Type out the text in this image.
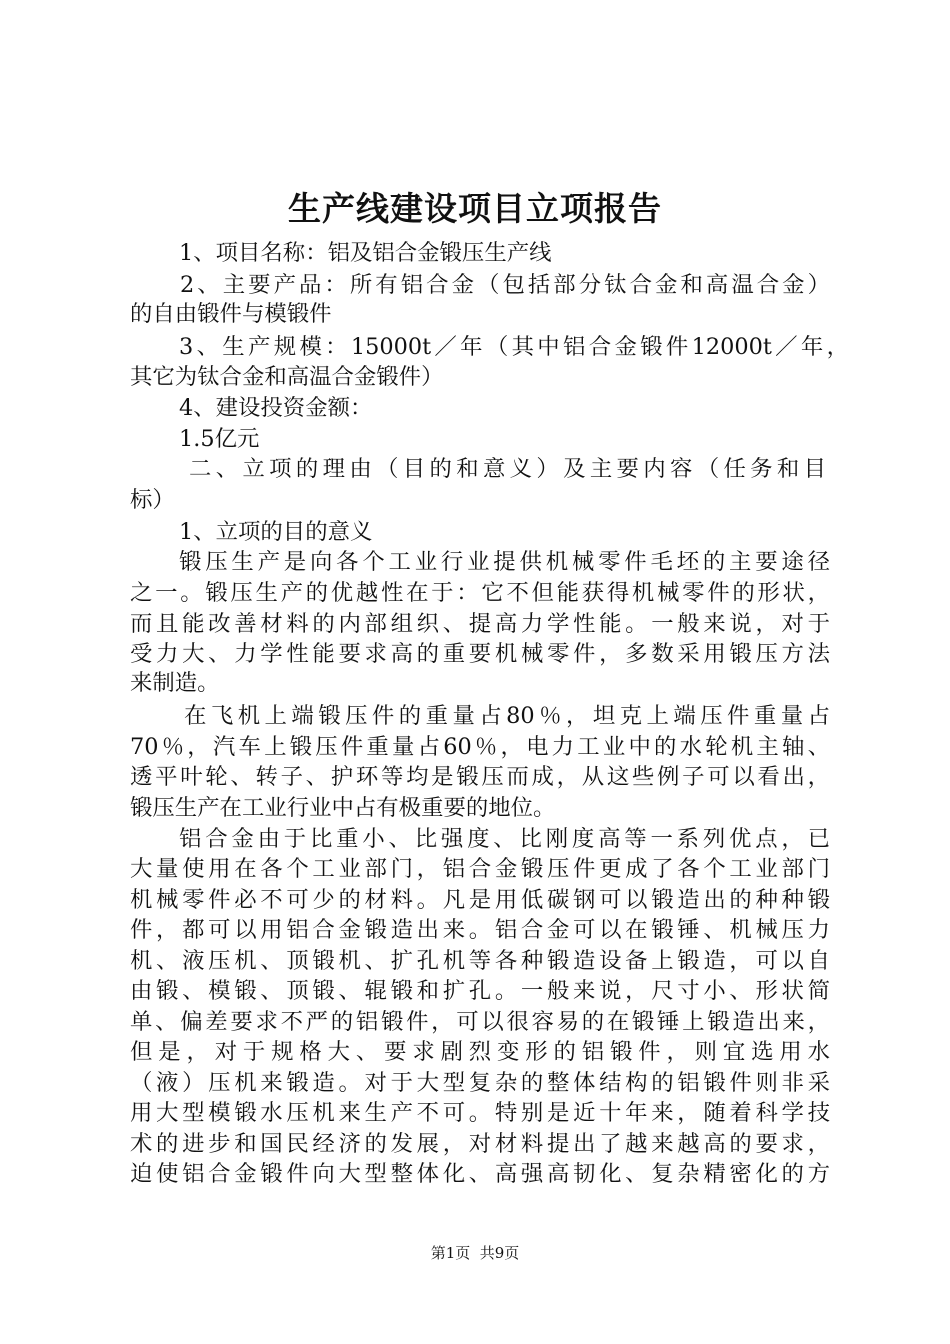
生产线建设项目立项报告
1、项目名称：铝及铝合金锻压生产线
2、主要产品：所有铝合金（包括部分钛合金和高温合金）
的自由锻件与模锻件
3、生产规模：15000t／年（其中铝合金锻件12000t／年，
其它为钛合金和高温合金锻件）
4、建设投资金额：
1.5亿元
二、立项的理由（目的和意义）及主要内容（任务和目
标）
1、立项的目的意义
锻压生产是向各个工业行业提供机械零件毛坯的主要途径
之一。锻压生产的优越性在于：它不但能获得机械零件的形状，
而且能改善材料的内部组织、提高力学性能。一般来说，对于
受力大、力学性能要求高的重要机械零件，多数采用锻压方法
来制造。
在飞机上端锻压件的重量占80％，坦克上端压件重量占
70％，汽车上锻压件重量占60％，电力工业中的水轮机主轴、
透平叶轮、转子、护环等均是锻压而成，从这些例子可以看出，
锻压生产在工业行业中占有极重要的地位。
铝合金由于比重小、比强度、比刚度高等一系列优点，已
大量使用在各个工业部门，铝合金锻压件更成了各个工业部门
机械零件必不可少的材料。凡是用低碳钢可以锻造出的种种锻
件，都可以用铝合金锻造出来。铝合金可以在锻锤、机械压力
机、液压机、顶锻机、扩孔机等各种锻造设备上锻造，可以自
由锻、模锻、顶锻、辊锻和扩孔。一般来说，尺寸小、形状简
单、偏差要求不严的铝锻件，可以很容易的在锻锤上锻造出来，
但是，对于规格大、要求剧烈变形的铝锻件，则宜选用水
（液）压机来锻造。对于大型复杂的整体结构的铝锻件则非采
用大型模锻水压机来生产不可。特别是近十年来，随着科学技
术的进步和国民经济的发展，对材料提出了越来越高的要求，
迫使铝合金锻件向大型整体化、高强高韧化、复杂精密化的方
第1页  共9页
